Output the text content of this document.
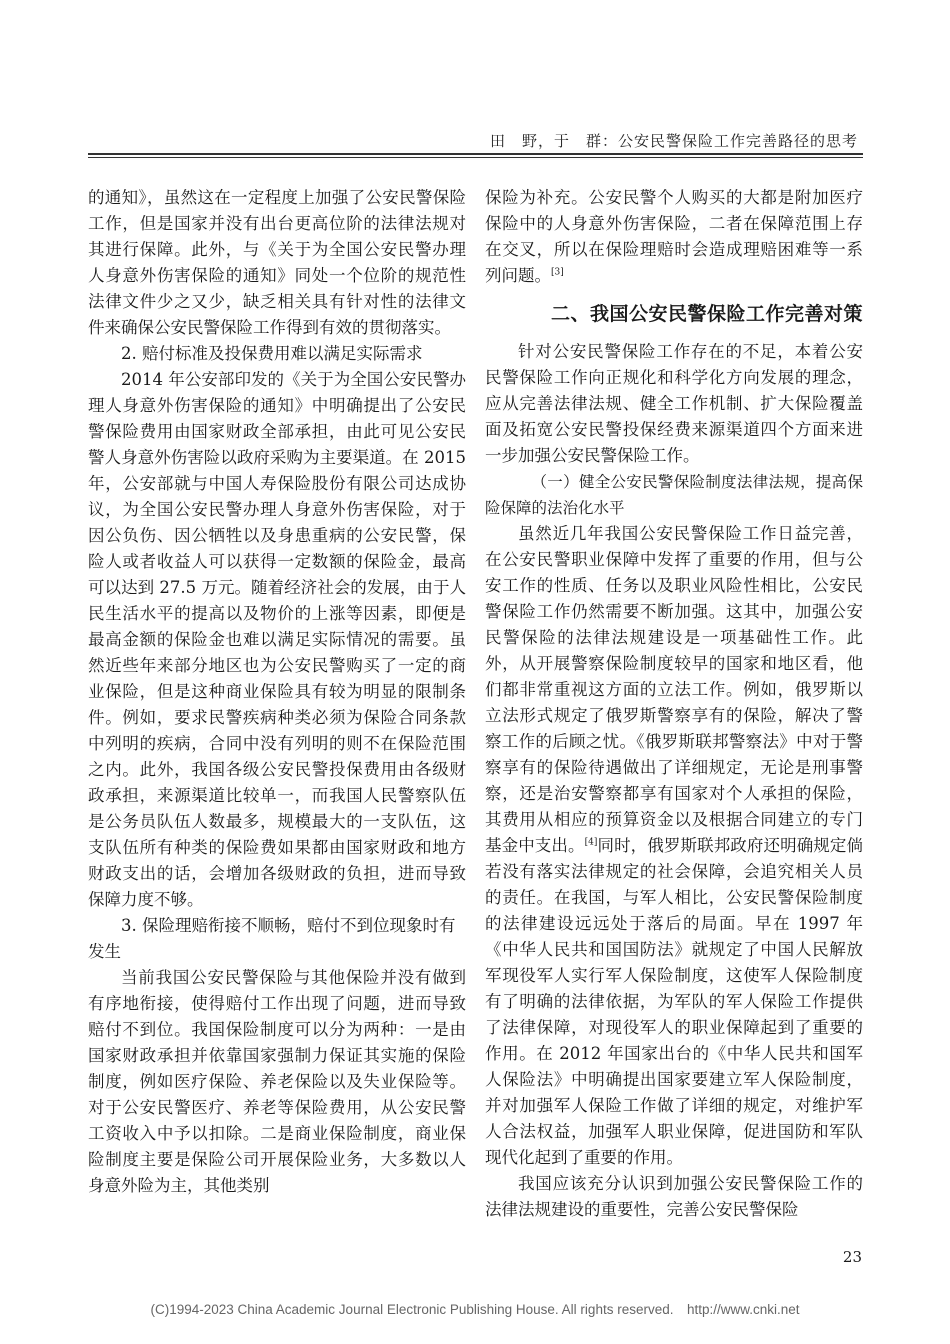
田　野，于　群：公安民警保险工作完善路径的思考

的通知》，虽然这在一定程度上加强了公安民警保险工作，但是国家并没有出台更高位阶的法律法规对其进行保障。此外，与《关于为全国公安民警办理人身意外伤害保险的通知》同处一个位阶的规范性法律文件少之又少，缺乏相关具有针对性的法律文件来确保公安民警保险工作得到有效的贯彻落实。

2. 赔付标准及投保费用难以满足实际需求

2014 年公安部印发的《关于为全国公安民警办理人身意外伤害保险的通知》中明确提出了公安民警保险费用由国家财政全部承担，由此可见公安民警人身意外伤害险以政府采购为主要渠道。在 2015 年，公安部就与中国人寿保险股份有限公司达成协议，为全国公安民警办理人身意外伤害保险，对于因公负伤、因公牺牲以及身患重病的公安民警，保险人或者收益人可以获得一定数额的保险金，最高可以达到 27.5 万元。随着经济社会的发展，由于人民生活水平的提高以及物价的上涨等因素，即便是最高金额的保险金也难以满足实际情况的需要。虽然近些年来部分地区也为公安民警购买了一定的商业保险，但是这种商业保险具有较为明显的限制条件。例如，要求民警疾病种类必须为保险合同条款中列明的疾病，合同中没有列明的则不在保险范围之内。此外，我国各级公安民警投保费用由各级财政承担，来源渠道比较单一，而我国人民警察队伍是公务员队伍人数最多，规模最大的一支队伍，这支队伍所有种类的保险费如果都由国家财政和地方财政支出的话，会增加各级财政的负担，进而导致保障力度不够。

3. 保险理赔衔接不顺畅，赔付不到位现象时有发生

当前我国公安民警保险与其他保险并没有做到有序地衔接，使得赔付工作出现了问题，进而导致赔付不到位。我国保险制度可以分为两种：一是由国家财政承担并依靠国家强制力保证其实施的保险制度，例如医疗保险、养老保险以及失业保险等。对于公安民警医疗、养老等保险费用，从公安民警工资收入中予以扣除。二是商业保险制度，商业保险制度主要是保险公司开展保险业务，大多数以人身意外险为主，其他类别

保险为补充。公安民警个人购买的大都是附加医疗保险中的人身意外伤害保险，二者在保障范围上存在交叉，所以在保险理赔时会造成理赔困难等一系列问题。[3]

二、我国公安民警保险工作完善对策

针对公安民警保险工作存在的不足，本着公安民警保险工作向正规化和科学化方向发展的理念，应从完善法律法规、健全工作机制、扩大保险覆盖面及拓宽公安民警投保经费来源渠道四个方面来进一步加强公安民警保险工作。

（一）健全公安民警保险制度法律法规，提高保险保障的法治化水平

虽然近几年我国公安民警保险工作日益完善，在公安民警职业保障中发挥了重要的作用，但与公安工作的性质、任务以及职业风险性相比，公安民警保险工作仍然需要不断加强。这其中，加强公安民警保险的法律法规建设是一项基础性工作。此外，从开展警察保险制度较早的国家和地区看，他们都非常重视这方面的立法工作。例如，俄罗斯以立法形式规定了俄罗斯警察享有的保险，解决了警察工作的后顾之忧。《俄罗斯联邦警察法》中对于警察享有的保险待遇做出了详细规定，无论是刑事警察，还是治安警察都享有国家对个人承担的保险，其费用从相应的预算资金以及根据合同建立的专门基金中支出。[4]同时，俄罗斯联邦政府还明确规定倘若没有落实法律规定的社会保障，会追究相关人员的责任。在我国，与军人相比，公安民警保险制度的法律建设远远处于落后的局面。早在 1997 年《中华人民共和国国防法》就规定了中国人民解放军现役军人实行军人保险制度，这使军人保险制度有了明确的法律依据，为军队的军人保险工作提供了法律保障，对现役军人的职业保障起到了重要的作用。在 2012 年国家出台的《中华人民共和国军人保险法》中明确提出国家要建立军人保险制度，并对加强军人保险工作做了详细的规定，对维护军人合法权益，加强军人职业保障，促进国防和军队现代化起到了重要的作用。

我国应该充分认识到加强公安民警保险工作的法律法规建设的重要性，完善公安民警保险

23
(C)1994-2023 China Academic Journal Electronic Publishing House. All rights reserved.　http://www.cnki.net
